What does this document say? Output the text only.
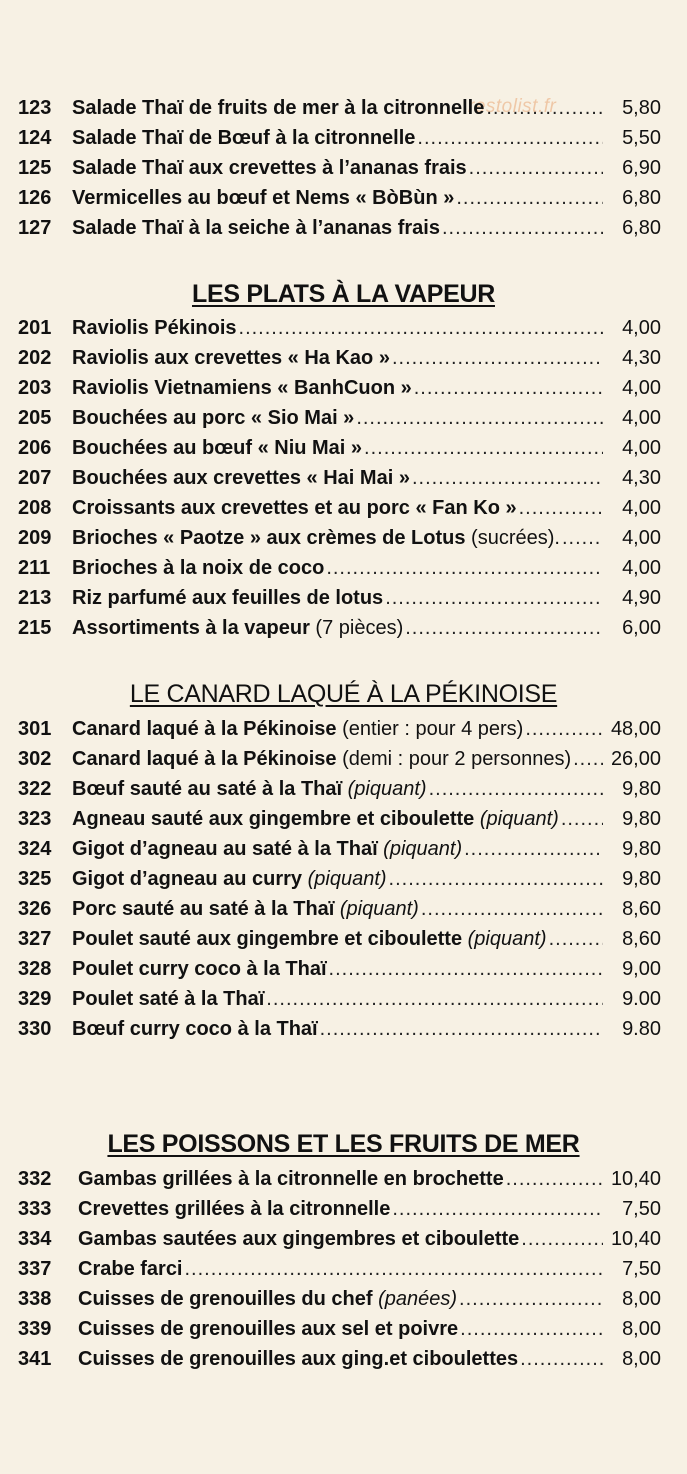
restolist.fr
123 Salade Thaï de fruits de mer à la citronnelle .....	5,80
124 Salade Thaï de Bœuf à la citronnelle .....	5,50
125 Salade Thaï aux crevettes à l’ananas frais .....	6,90
126 Vermicelles au bœuf et Nems « BòBùn » .....	6,80
127 Salade Thaï à la seiche à l’ananas frais .....	6,80
LES PLATS À LA VAPEUR
201 Raviolis Pékinois .....	4,00
202 Raviolis aux crevettes « Ha Kao » .....	4,30
203 Raviolis Vietnamiens « BanhCuon » .....	4,00
205 Bouchées au porc « Sio Mai » .....	4,00
206 Bouchées au bœuf « Niu Mai » .....	4,00
207 Bouchées aux crevettes « Hai Mai » .....	4,30
208 Croissants aux crevettes et au porc « Fan Ko » .....	4,00
209 Brioches « Paotze » aux crèmes de Lotus (sucrées). .....	4,00
211 Brioches à la noix de coco .....	4,00
213 Riz parfumé aux feuilles de lotus .....	4,90
215 Assortiments à la vapeur (7 pièces) .....	6,00
LE CANARD LAQUÉ À LA PÉKINOISE
301 Canard laqué à la Pékinoise (entier : pour 4 pers) .....	48,00
302 Canard laqué à la Pékinoise (demi : pour 2 personnes) ..... 26,00
322 Bœuf sauté au saté à la Thaï (piquant) .....	9,80
323 Agneau sauté aux gingembre et ciboulette (piquant) .....	9,80
324 Gigot d’agneau au saté à la Thaï (piquant) .....	9,80
325 Gigot d’agneau au curry (piquant) .....	9,80
326 Porc sauté au saté à la Thaï (piquant) .....	8,60
327 Poulet sauté aux gingembre et ciboulette (piquant) .....	8,60
328 Poulet curry coco à la Thaï .....	9,00
329 Poulet saté à la Thaï .....	9.00
330 Bœuf curry coco à la Thaï .....	9.80
LES POISSONS ET LES FRUITS DE MER
332 Gambas grillées à la citronnelle en brochette .....	10,40
333 Crevettes grillées à la citronnelle .....	7,50
334 Gambas sautées aux gingembres et ciboulette .....	10,40
337 Crabe farci .....	7,50
338 Cuisses de grenouilles du chef (panées) .....	8,00
339 Cuisses de grenouilles aux sel et poivre .....	8,00
341 Cuisses de grenouilles aux ging.et ciboulettes .....	8,00
